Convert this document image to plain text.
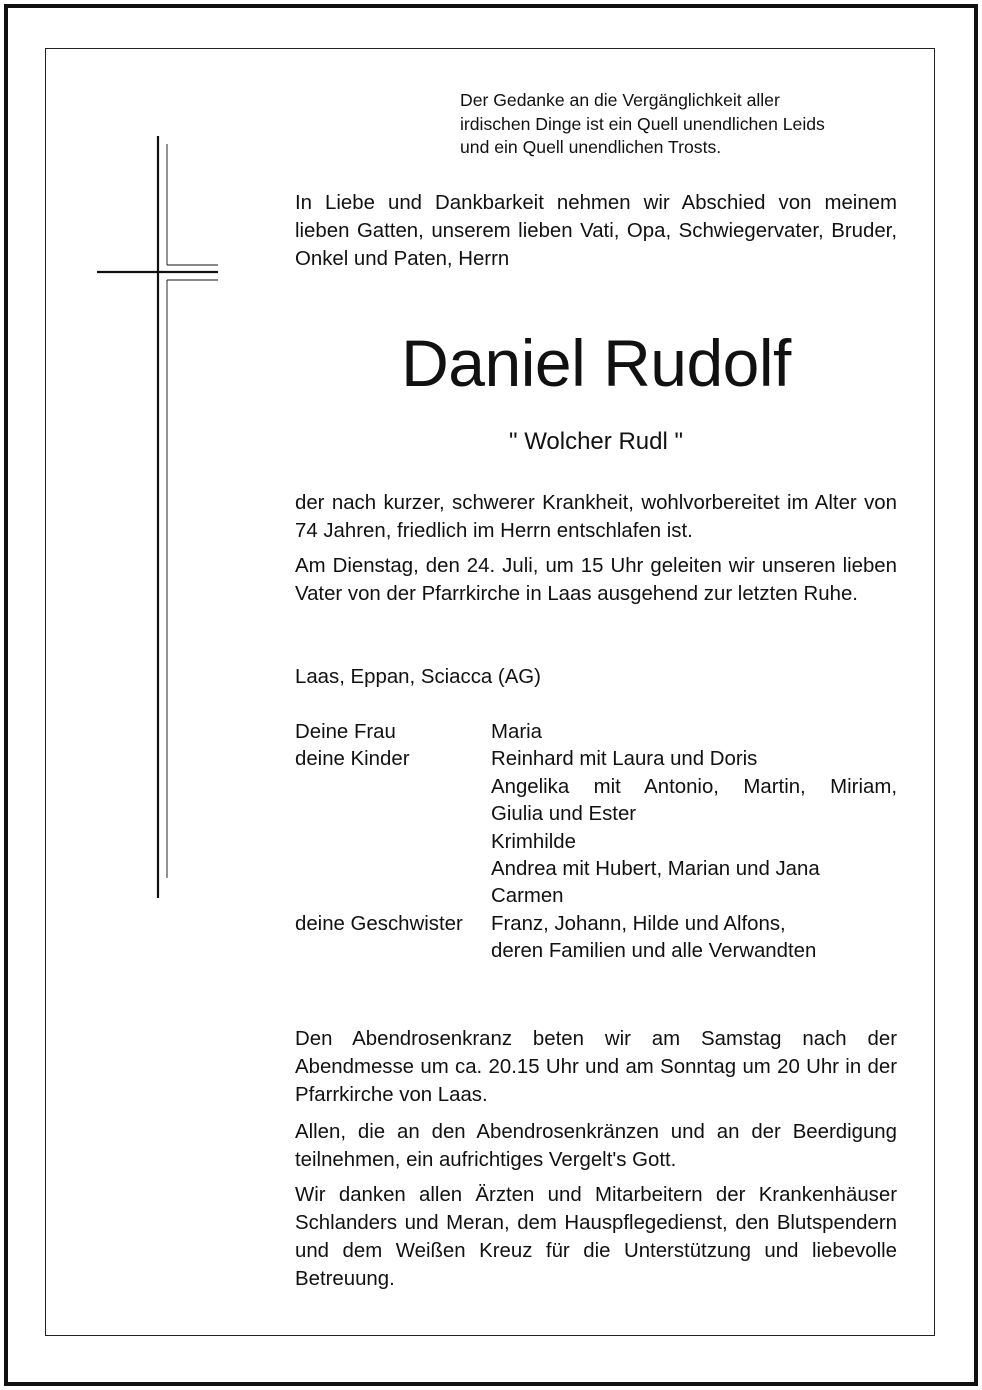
Der Gedanke an die Vergänglichkeit aller
irdischen Dinge ist ein Quell unendlichen Leids
und ein Quell unendlichen Trosts.
In Liebe und Dankbarkeit nehmen wir Abschied von meinem lieben Gatten, unserem lieben Vati, Opa, Schwiegervater, Bruder, Onkel und Paten, Herrn
Daniel Rudolf
" Wolcher Rudl "
der nach kurzer, schwerer Krankheit, wohlvorbereitet im Alter von 74 Jahren, friedlich im Herrn entschlafen ist.
Am Dienstag, den 24. Juli, um 15 Uhr geleiten wir unseren lieben Vater von der Pfarrkirche in Laas ausgehend zur letzten Ruhe.
Laas, Eppan, Sciacca (AG)
Deine Frau	Maria
deine Kinder	Reinhard mit Laura und Doris
Angelika mit Antonio, Martin, Miriam,
Giulia und Ester
Krimhilde
Andrea mit Hubert, Marian und Jana
Carmen
deine Geschwister	Franz, Johann, Hilde und Alfons,
deren Familien und alle Verwandten
Den Abendrosenkranz beten wir am Samstag nach der Abendmesse um ca. 20.15 Uhr und am Sonntag um 20 Uhr in der Pfarrkirche von Laas.
Allen, die an den Abendrosenkränzen und an der Beerdigung teilnehmen, ein aufrichtiges Vergelt's Gott.
Wir danken allen Ärzten und Mitarbeitern der Krankenhäuser Schlanders und Meran, dem Hauspflegedienst, den Blutspendern und dem Weißen Kreuz für die Unterstützung und liebevolle Betreuung.
